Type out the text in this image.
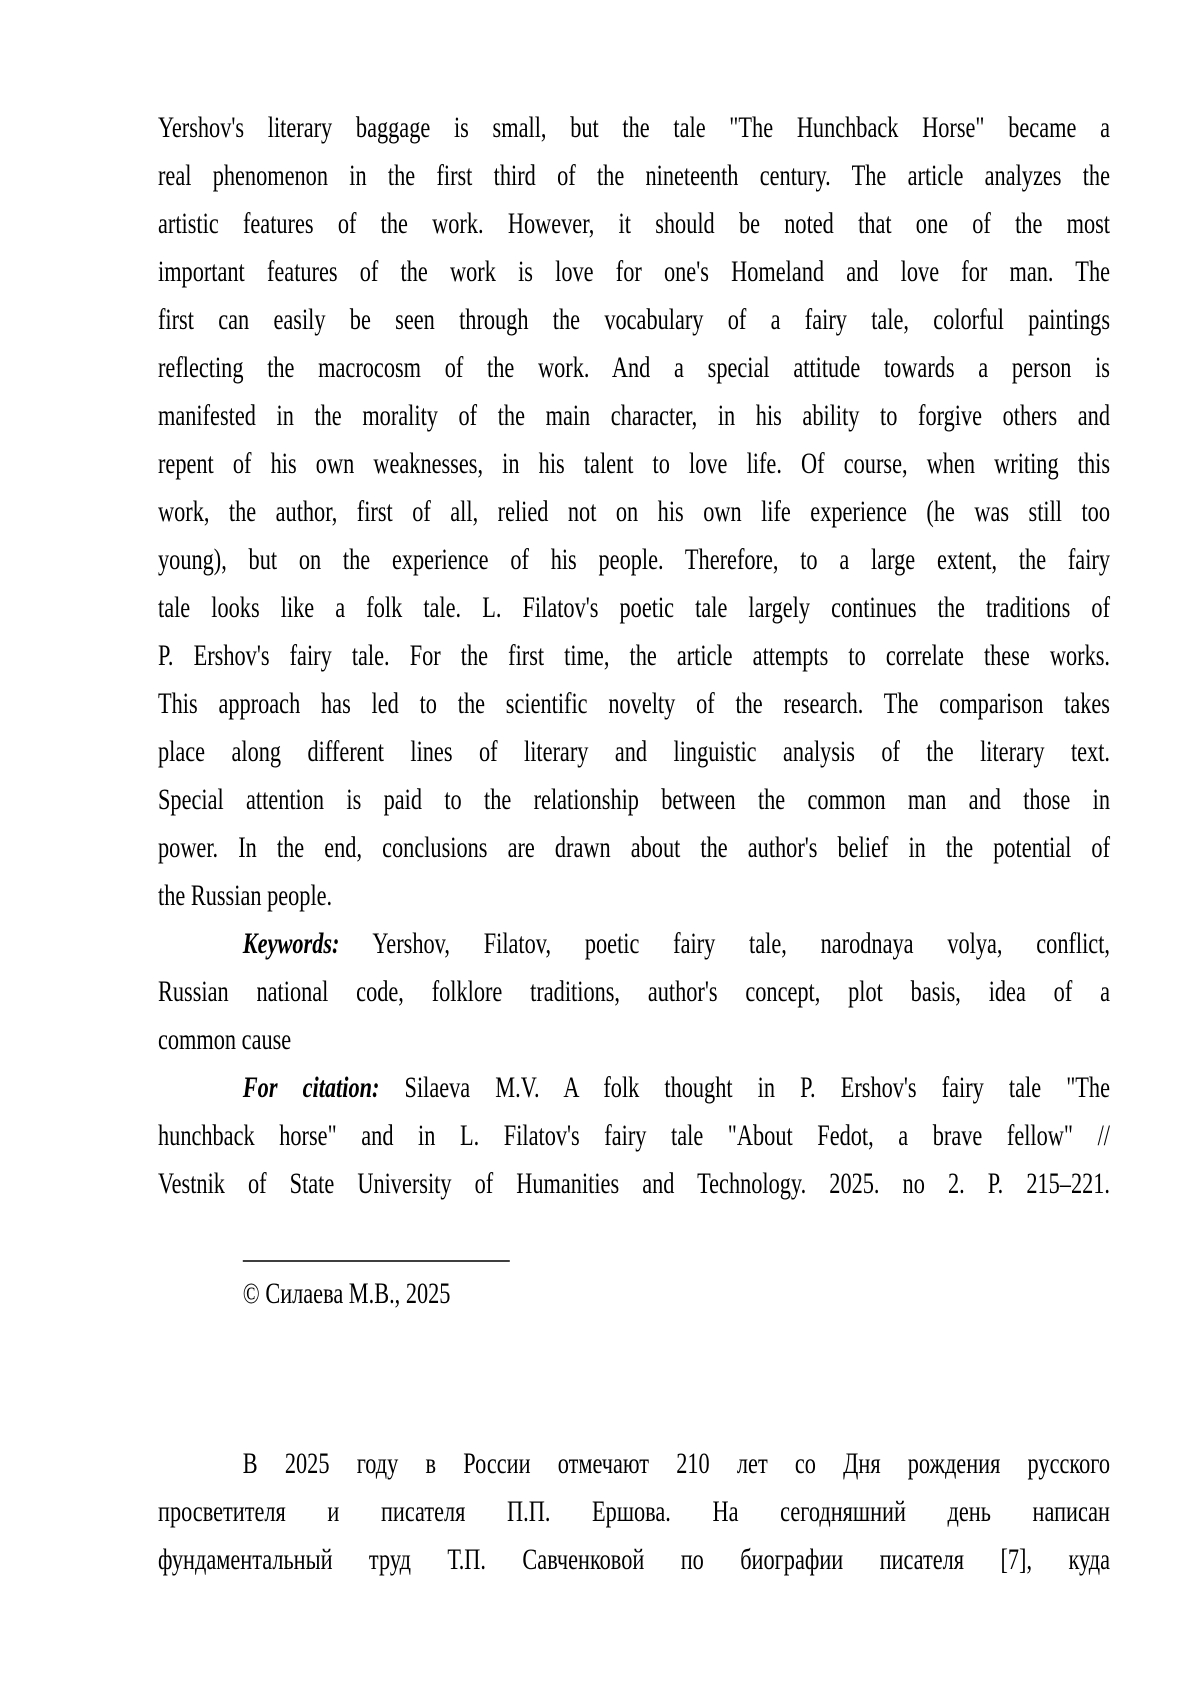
Yershov's literary baggage is small, but the tale "The Hunchback Horse" became a
real phenomenon in the first third of the nineteenth century. The article analyzes the
artistic features of the work. However, it should be noted that one of the most
important features of the work is love for one's Homeland and love for man. The
first can easily be seen through the vocabulary of a fairy tale, colorful paintings
reflecting the macrocosm of the work. And a special attitude towards a person is
manifested in the morality of the main character, in his ability to forgive others and
repent of his own weaknesses, in his talent to love life. Of course, when writing this
work, the author, first of all, relied not on his own life experience (he was still too
young), but on the experience of his people. Therefore, to a large extent, the fairy
tale looks like a folk tale. L. Filatov's poetic tale largely continues the traditions of
P. Ershov's fairy tale. For the first time, the article attempts to correlate these works.
This approach has led to the scientific novelty of the research. The comparison takes
place along different lines of literary and linguistic analysis of the literary text.
Special attention is paid to the relationship between the common man and those in
power. In the end, conclusions are drawn about the author's belief in the potential of
the Russian people.
Keywords: Yershov, Filatov, poetic fairy tale, narodnaya volya, conflict,
Russian national code, folklore traditions, author's concept, plot basis, idea of a
common cause
For citation: Silaeva M.V. A folk thought in P. Ershov's fairy tale "The
hunchback horse" and in L. Filatov's fairy tale "About Fedot, a brave fellow" //
Vestnik of State University of Humanities and Technology. 2025. no 2. P. 215–221.
© Силаева М.В., 2025
В 2025 году в России отмечают 210 лет со Дня рождения русского
просветителя и писателя П.П. Ершова. На сегодняшний день написан
фундаментальный труд Т.П. Савченковой по биографии писателя [7], куда
